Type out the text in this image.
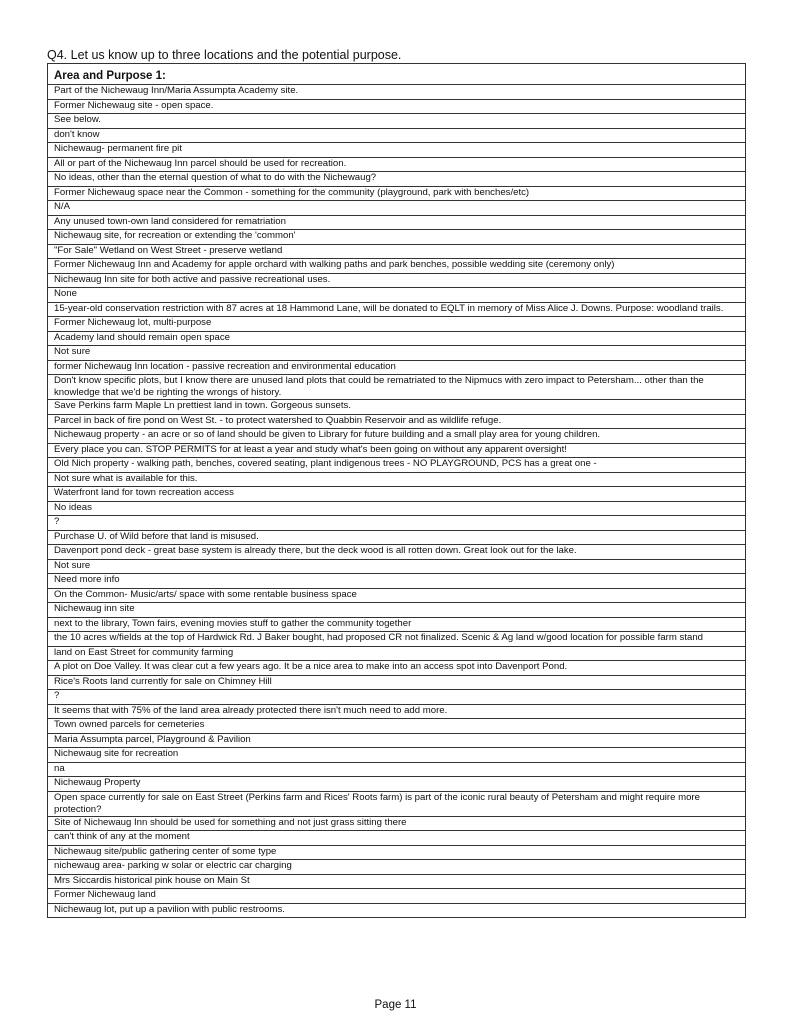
Q4. Let us know up to three locations and the potential purpose.
Area and Purpose 1:
Part of the Nichewaug Inn/Maria Assumpta Academy site.
Former Nichewaug site - open space.
See below.
don't know
Nichewaug- permanent fire pit
All or part of the Nichewaug Inn parcel should be used for recreation.
No ideas, other than the eternal question of what to do with the Nichewaug?
Former Nichewaug space near the Common - something for the community (playground, park with benches/etc)
N/A
Any unused town-own land considered for rematriation
Nichewaug site, for recreation or extending the 'common'
"For Sale" Wetland on West Street - preserve wetland
Former Nichewaug Inn and Academy for apple orchard with walking paths and park benches, possible wedding site (ceremony only)
Nichewaug Inn site for both active and passive recreational uses.
None
15-year-old conservation restriction with 87 acres at 18 Hammond Lane, will be donated to EQLT in memory of Miss Alice J. Downs. Purpose: woodland trails.
Former Nichewaug lot, multi-purpose
Academy land should remain open space
Not sure
former Nichewaug Inn location - passive recreation and environmental education
Don't know specific plots, but I know there are unused land plots that could be rematriated to the Nipmucs with zero impact to Petersham... other than the knowledge that we'd be righting the wrongs of history.
Save Perkins farm Maple Ln prettiest land in town. Gorgeous sunsets.
Parcel in back of fire pond on West St. - to protect watershed to Quabbin Reservoir and as wildlife refuge.
Nichewaug property - an acre or so of land should be given to Library for future building and a small play area for young children.
Every place you can. STOP PERMITS for at least a year and study what's been going on without any apparent oversight!
Old Nich property - walking path, benches, covered seating, plant indigenous trees - NO PLAYGROUND, PCS has a great one -
Not sure what is available for this.
Waterfront land for town recreation access
No ideas
?
Purchase U. of Wild before that land is misused.
Davenport pond deck - great base system is already there, but the deck wood is all rotten down. Great look out for the lake.
Not sure
Need more info
On the Common- Music/arts/ space with some rentable business space
Nichewaug inn site
next to the library, Town fairs, evening movies stuff to gather the community together
the 10 acres w/fields at the top of Hardwick Rd. J Baker bought, had proposed CR not finalized. Scenic & Ag land w/good location for possible farm stand
land on East Street for community farming
A plot on Doe Valley. It was clear cut a few years ago. It be a nice area to make into an access spot into Davenport Pond.
Rice's Roots land currently for sale on Chimney Hill
?
It seems that with 75% of the land area already protected there isn't much need to add more.
Town owned parcels for cemeteries
Maria Assumpta parcel, Playground & Pavilion
Nichewaug site for recreation
na
Nichewaug Property
Open space currently for sale on East Street (Perkins farm and Rices' Roots farm) is part of the iconic rural beauty of Petersham and might require more protection?
Site of Nichewaug Inn should be used for something and not just grass sitting there
can't think of any at the moment
Nichewaug site/public gathering center of some type
nichewaug area- parking w solar or electric car charging
Mrs Siccardis historical pink house on Main St
Former Nichewaug land
Nichewaug lot, put up a pavilion with public restrooms.
Page 11
